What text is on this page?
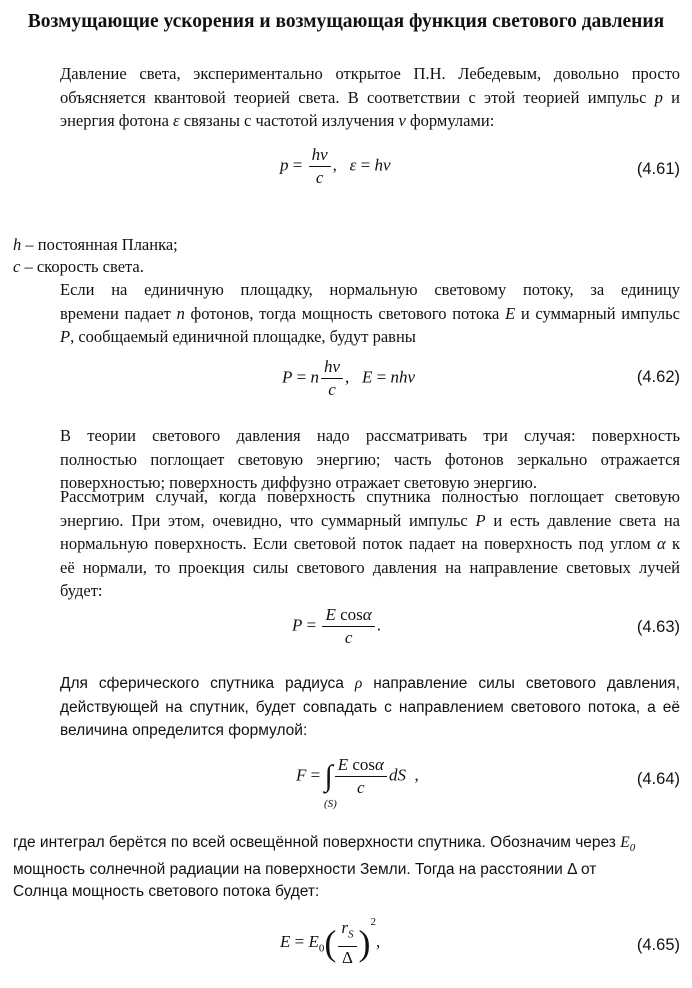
Возмущающие ускорения и возмущающая функция светового давления
Давление света, экспериментально открытое П.Н. Лебедевым, довольно просто
объясняется квантовой теорией света. В соответствии с этой теорией импульс p и
энергия фотона ε связаны с частотой излучения ν формулами:
$p = \frac{h\nu}{c}$ ,   ε = hν	(4.61)
h – постоянная Планка;
c – скорость света.
Если на единичную площадку, нормальную световому потоку, за единицу
времени падает n фотонов, тогда мощность светового потока E и суммарный импульс
P, сообщаемый единичной площадке, будут равны
P = n $\frac{h\nu}{c}$ ,   E = nhν	(4.62)
В теории светового давления надо рассматривать три случая: поверхность
полностью поглощает световую энергию; часть фотонов зеркально отражается
поверхностью; поверхность диффузно отражает световую энергию.
Рассмотрим случай, когда поверхность спутника полностью поглощает световую
энергию. При этом, очевидно, что суммарный импульс P и есть давление света на
нормальную поверхность. Если световой поток падает на поверхность под углом α к
её нормали, то проекция силы светового давления на направление световых лучей
будет:
$P = \frac{\text{E cosα}}{c}$ .	(4.63)
Для сферического спутника радиуса ρ направление силы светового давления,
действующей на спутник, будет совпадать с направлением светового потока, а её
величина определится формулой:
F = ∫ $\frac{\text{E cosα}}{c}$ dS  ,
(S)
(4.64)
где интеграл берётся по всей освещённой поверхности спутника. Обозначим через $E_0$
мощность солнечной радиации на поверхности Земли. Тогда на расстоянии Δ от
Солнца мощность светового потока будет:
$E = E_0( \frac{r_S}{\Delta} )^2$,	(4.65)
